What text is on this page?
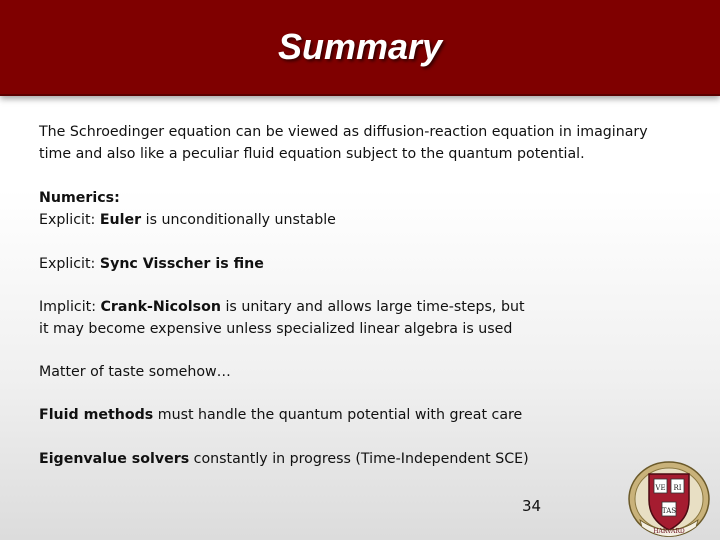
Summary

The Schroedinger equation can be viewed as diffusion-reaction equation in imaginary

time and also like a peculiar fluid equation subject to the quantum potential.

Numerics:

Explicit: Euler is unconditionally unstable

Explicit: Sync Visscher is fine

Implicit: Crank-Nicolson is unitary and allows large time-steps, but

it may become expensive unless specialized linear algebra is used

Matter of taste somehow…

Fluid methods must handle the quantum potential with great care

Eigenvalue solvers constantly in progress (Time-Independent SCE)

34
VE RI
TAS
HARVARD
